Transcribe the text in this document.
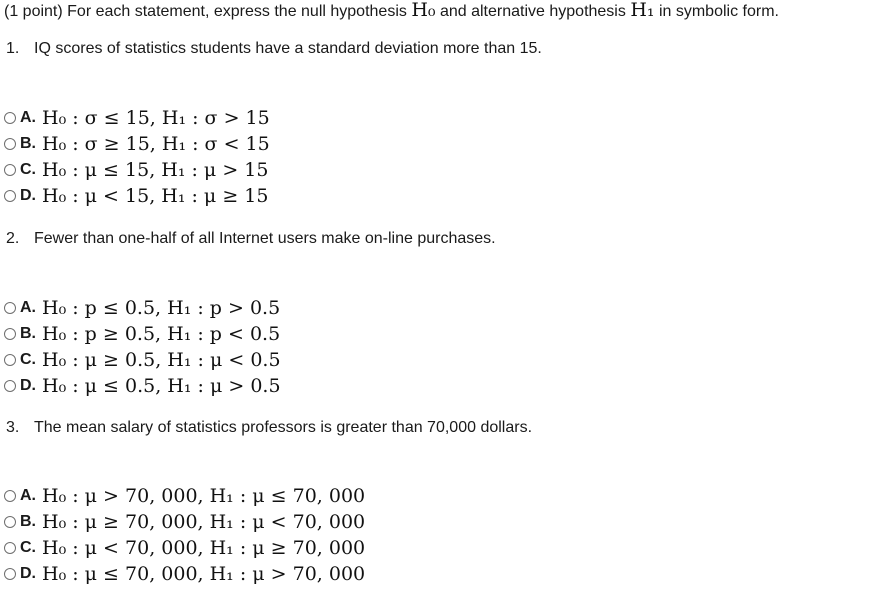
(1 point) For each statement, express the null hypothesis H₀ and alternative hypothesis H₁ in symbolic form.
1. IQ scores of statistics students have a standard deviation more than 15.
A. H₀ : σ ≤ 15, H₁ : σ > 15
B. H₀ : σ ≥ 15, H₁ : σ < 15
C. H₀ : μ ≤ 15, H₁ : μ > 15
D. H₀ : μ < 15, H₁ : μ ≥ 15
2. Fewer than one-half of all Internet users make on-line purchases.
A. H₀ : p ≤ 0.5, H₁ : p > 0.5
B. H₀ : p ≥ 0.5, H₁ : p < 0.5
C. H₀ : μ ≥ 0.5, H₁ : μ < 0.5
D. H₀ : μ ≤ 0.5, H₁ : μ > 0.5
3. The mean salary of statistics professors is greater than 70,000 dollars.
A. H₀ : μ > 70, 000, H₁ : μ ≤ 70, 000
B. H₀ : μ ≥ 70, 000, H₁ : μ < 70, 000
C. H₀ : μ < 70, 000, H₁ : μ ≥ 70, 000
D. H₀ : μ ≤ 70, 000, H₁ : μ > 70, 000
